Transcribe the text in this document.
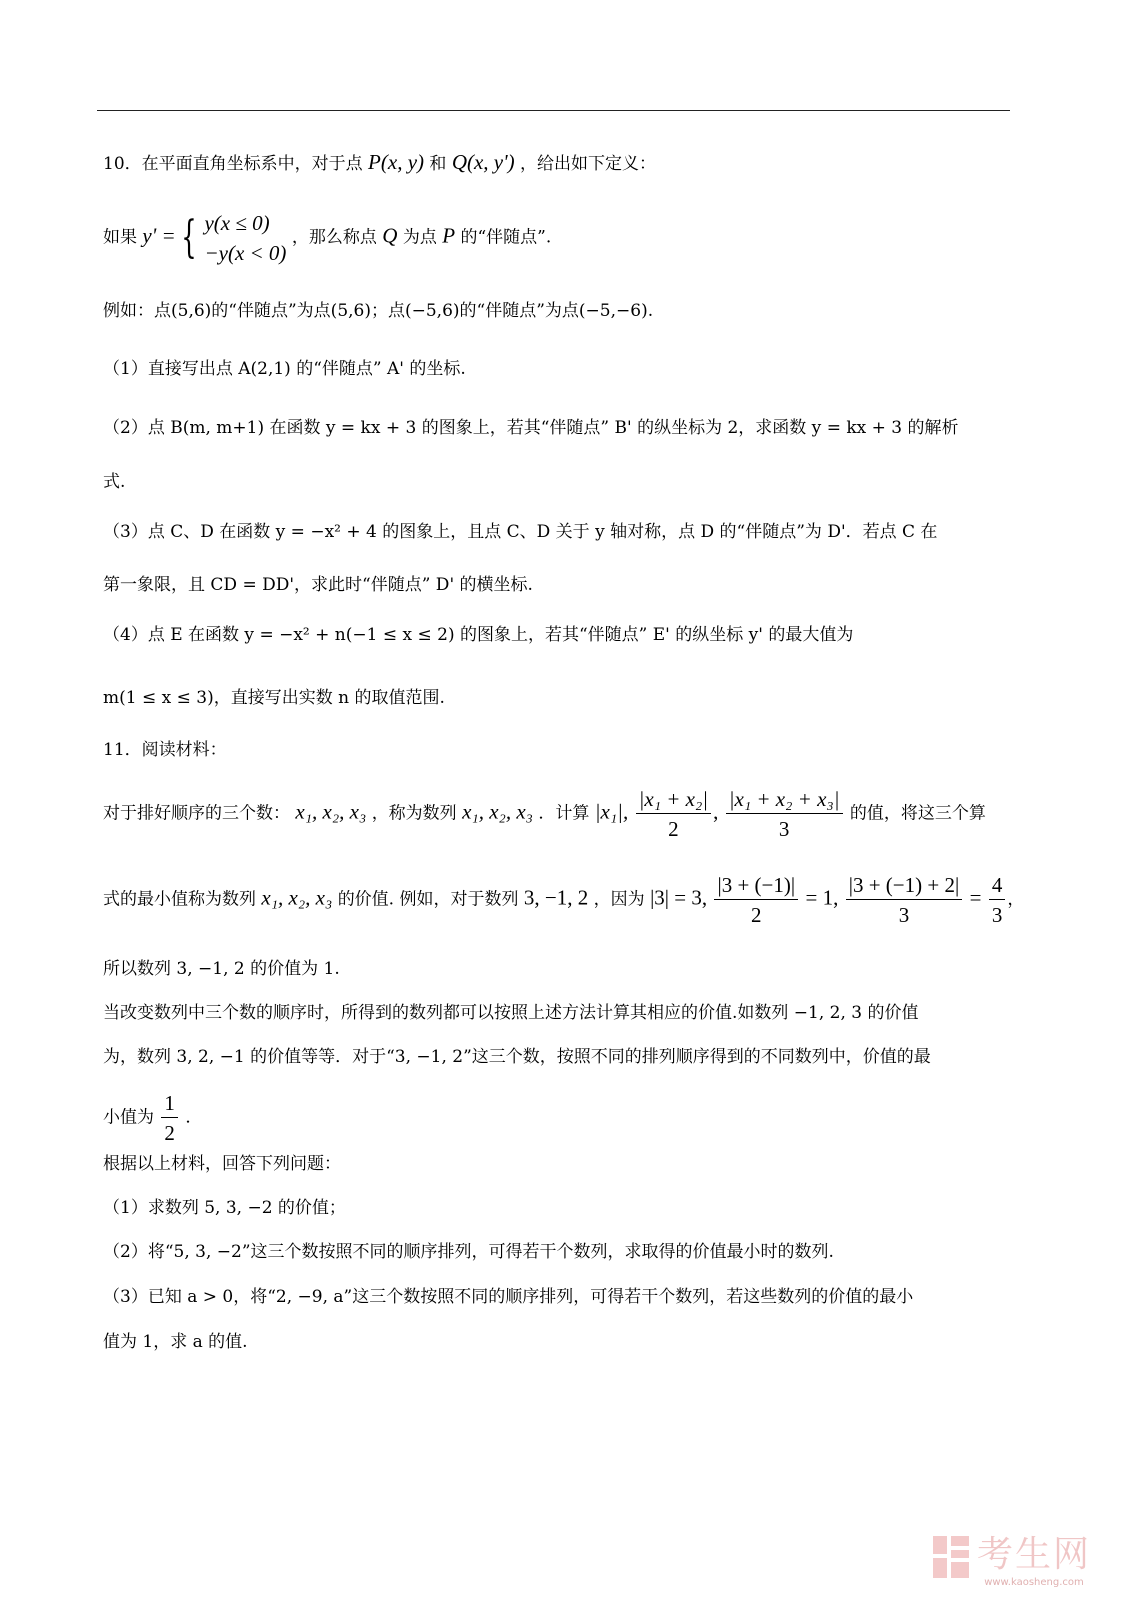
10．在平面直角坐标系中，对于点 P(x, y) 和 Q(x, y') ，给出如下定义：
如果 y' = { y(x ≤ 0)
−y(x < 0)
，那么称点 Q 为点 P 的“伴随点”.
例如：点(5,6)的“伴随点”为点(5,6)；点(−5,6)的“伴随点”为点(−5,−6).
（1）直接写出点 A(2,1) 的“伴随点” A' 的坐标.
（2）点 B(m, m+1) 在函数 y = kx + 3 的图象上，若其“伴随点” B' 的纵坐标为 2，求函数 y = kx + 3 的解析
式.
（3）点 C、D 在函数 y = −x² + 4 的图象上，且点 C、D 关于 y 轴对称，点 D 的“伴随点”为 D'．若点 C 在
第一象限，且 CD = DD'，求此时“伴随点” D' 的横坐标.
（4）点 E 在函数 y = −x² + n(−1 ≤ x ≤ 2) 的图象上，若其“伴随点” E' 的纵坐标 y' 的最大值为
m(1 ≤ x ≤ 3)，直接写出实数 n 的取值范围.
11．阅读材料：
对于排好顺序的三个数： x₁, x₂, x₃ ，称为数列 x₁, x₂, x₃ ．计算 |x₁|, $\frac{\text{|x₁ + x₂|}}{2}$ , $\frac{\text{|x₁ + x₂ + x₃|}}{3}$ 的值，将这三个算
式的最小值称为数列 x₁, x₂, x₃ 的价值. 例如，对于数列 3, −1, 2 ，因为 |3| = 3, $\frac{|3 + (-1)|}{2} = 1$, $\frac{|3 + (-1) + 2|}{3} = \frac{4}{3}$ ，
所以数列 3, −1, 2 的价值为 1.
当改变数列中三个数的顺序时，所得到的数列都可以按照上述方法计算其相应的价值.如数列 −1, 2, 3 的价值
为，数列 3, 2, −1 的价值等等．对于“3, −1, 2”这三个数，按照不同的排列顺序得到的不同数列中，价值的最
小值为 $\frac{1}{2}$ ．
根据以上材料，回答下列问题：
（1）求数列 5, 3, −2 的价值；
（2）将“5, 3, −2”这三个数按照不同的顺序排列，可得若干个数列，求取得的价值最小时的数列.
（3）已知 a > 0，将“2, −9, a”这三个数按照不同的顺序排列，可得若干个数列，若这些数列的价值的最小
值为 1，求 a 的值.
考生网
www.kaosheng.com
